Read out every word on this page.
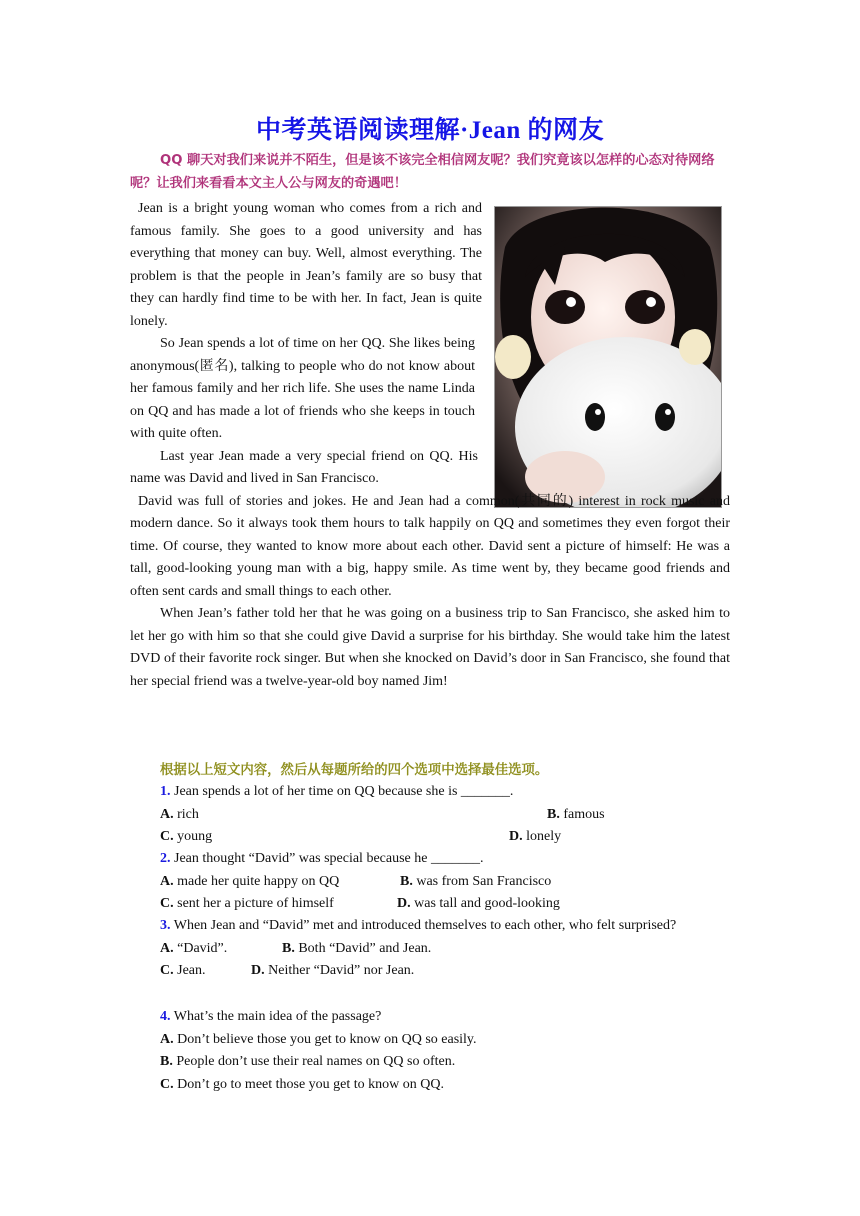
中考英语阅读理解·Jean 的网友
QQ 聊天对我们来说并不陌生，但是该不该完全相信网友呢？我们究竟该以怎样的心态对待网络呢？让我们来看看本文主人公与网友的奇遇吧！

Jean is a bright young woman who comes from a rich and famous family. She goes to a good university and has everything that money can buy. Well, almost everything. The problem is that the people in Jean’s family are so busy that they can hardly find time to be with her. In fact, Jean is quite lonely.

So Jean spends a lot of time on her QQ. She likes being anonymous(匿名), talking to people who do not know about her famous family and her rich life. She uses the name Linda on QQ and has made a lot of friends who she keeps in touch with quite often.

Last year Jean made a very special friend on QQ. His name was David and lived in San Francisco.

David was full of stories and jokes. He and Jean had a common(共同的) interest in rock music and modern dance. So it always took them hours to talk happily on QQ and sometimes they even forgot their time. Of course, they wanted to know more about each other. David sent a picture of himself: He was a tall, good-looking young man with a big, happy smile. As time went by, they became good friends and often sent cards and small things to each other.

When Jean’s father told her that he was going on a business trip to San Francisco, she asked him to let her go with him so that she could give David a surprise for his birthday. She would take him the latest DVD of their favorite rock singer. But when she knocked on David’s door in San Francisco, she found that her special friend was a twelve-year-old boy named Jim!

根据以上短文内容，然后从每题所给的四个选项中选择最佳选项。
1. Jean spends a lot of her time on QQ because she is _______.
A. rich	B. famous
C. young	D. lonely
2. Jean thought “David” was special because he _______.
A. made her quite happy on QQ	B. was from San Francisco
C. sent her a picture of himself	D. was tall and good-looking
3. When Jean and “David” met and introduced themselves to each other, who felt surprised?
A. “David”.	B. Both “David” and Jean.
C. Jean.	D. Neither “David” nor Jean.
4. What’s the main idea of the passage?
A. Don’t believe those you get to know on QQ so easily.
B. People don’t use their real names on QQ so often.
C. Don’t go to meet those you get to know on QQ.
